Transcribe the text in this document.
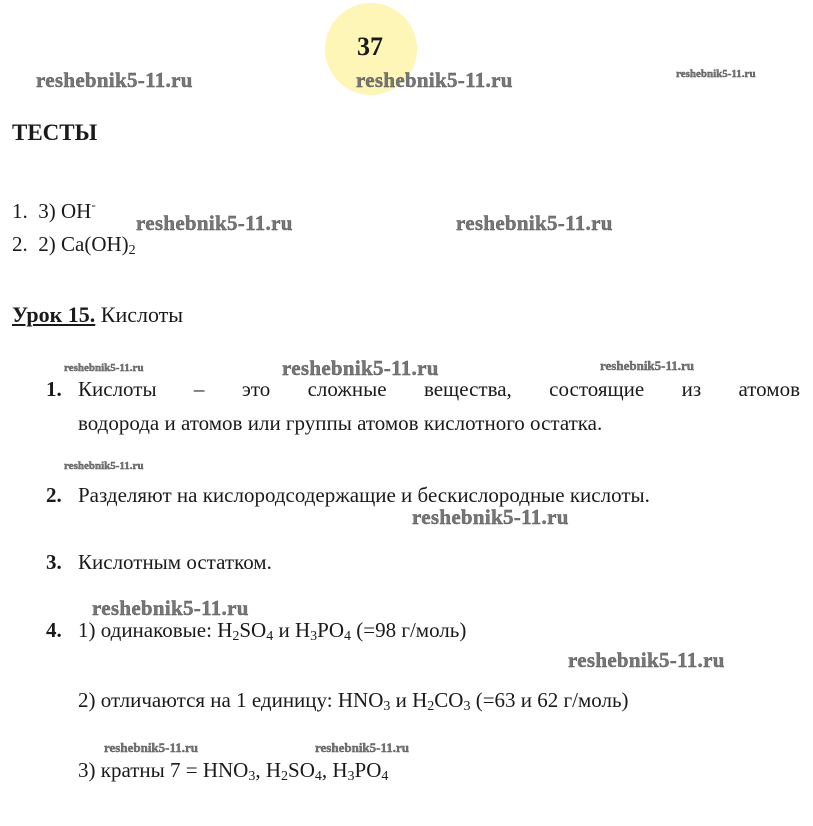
37
reshebnik5-11.ru	reshebnik5-11.ru	reshebnik5-11.ru
reshebnik5-11.ru	reshebnik5-11.ru
reshebnik5-11.ru	reshebnik5-11.ru	reshebnik5-11.ru
reshebnik5-11.ru
reshebnik5-11.ru
reshebnik5-11.ru
reshebnik5-11.ru
reshebnik5-11.ru	reshebnik5-11.ru
ТЕСТЫ
1. 3) OH-
2. 2) $Ca(OH)_2$
Урок 15. Кислоты
1. Кислоты – это сложные вещества, состоящие из атомов
водорода и атомов или группы атомов кислотного остатка.
2. Разделяют на кислородсодержащие и бескислородные кислоты.
3. Кислотным остатком.
4. 1) одинаковые: $H_2SO_4$ и $H_3PO_4$ (=98 г/моль)
2) отличаются на 1 единицу: $HNO_3$ и $H_2CO_3$ (=63 и 62 г/моль)
3) кратны $7 = HNO_3$, $H_2SO_4$, $H_3PO_4$
